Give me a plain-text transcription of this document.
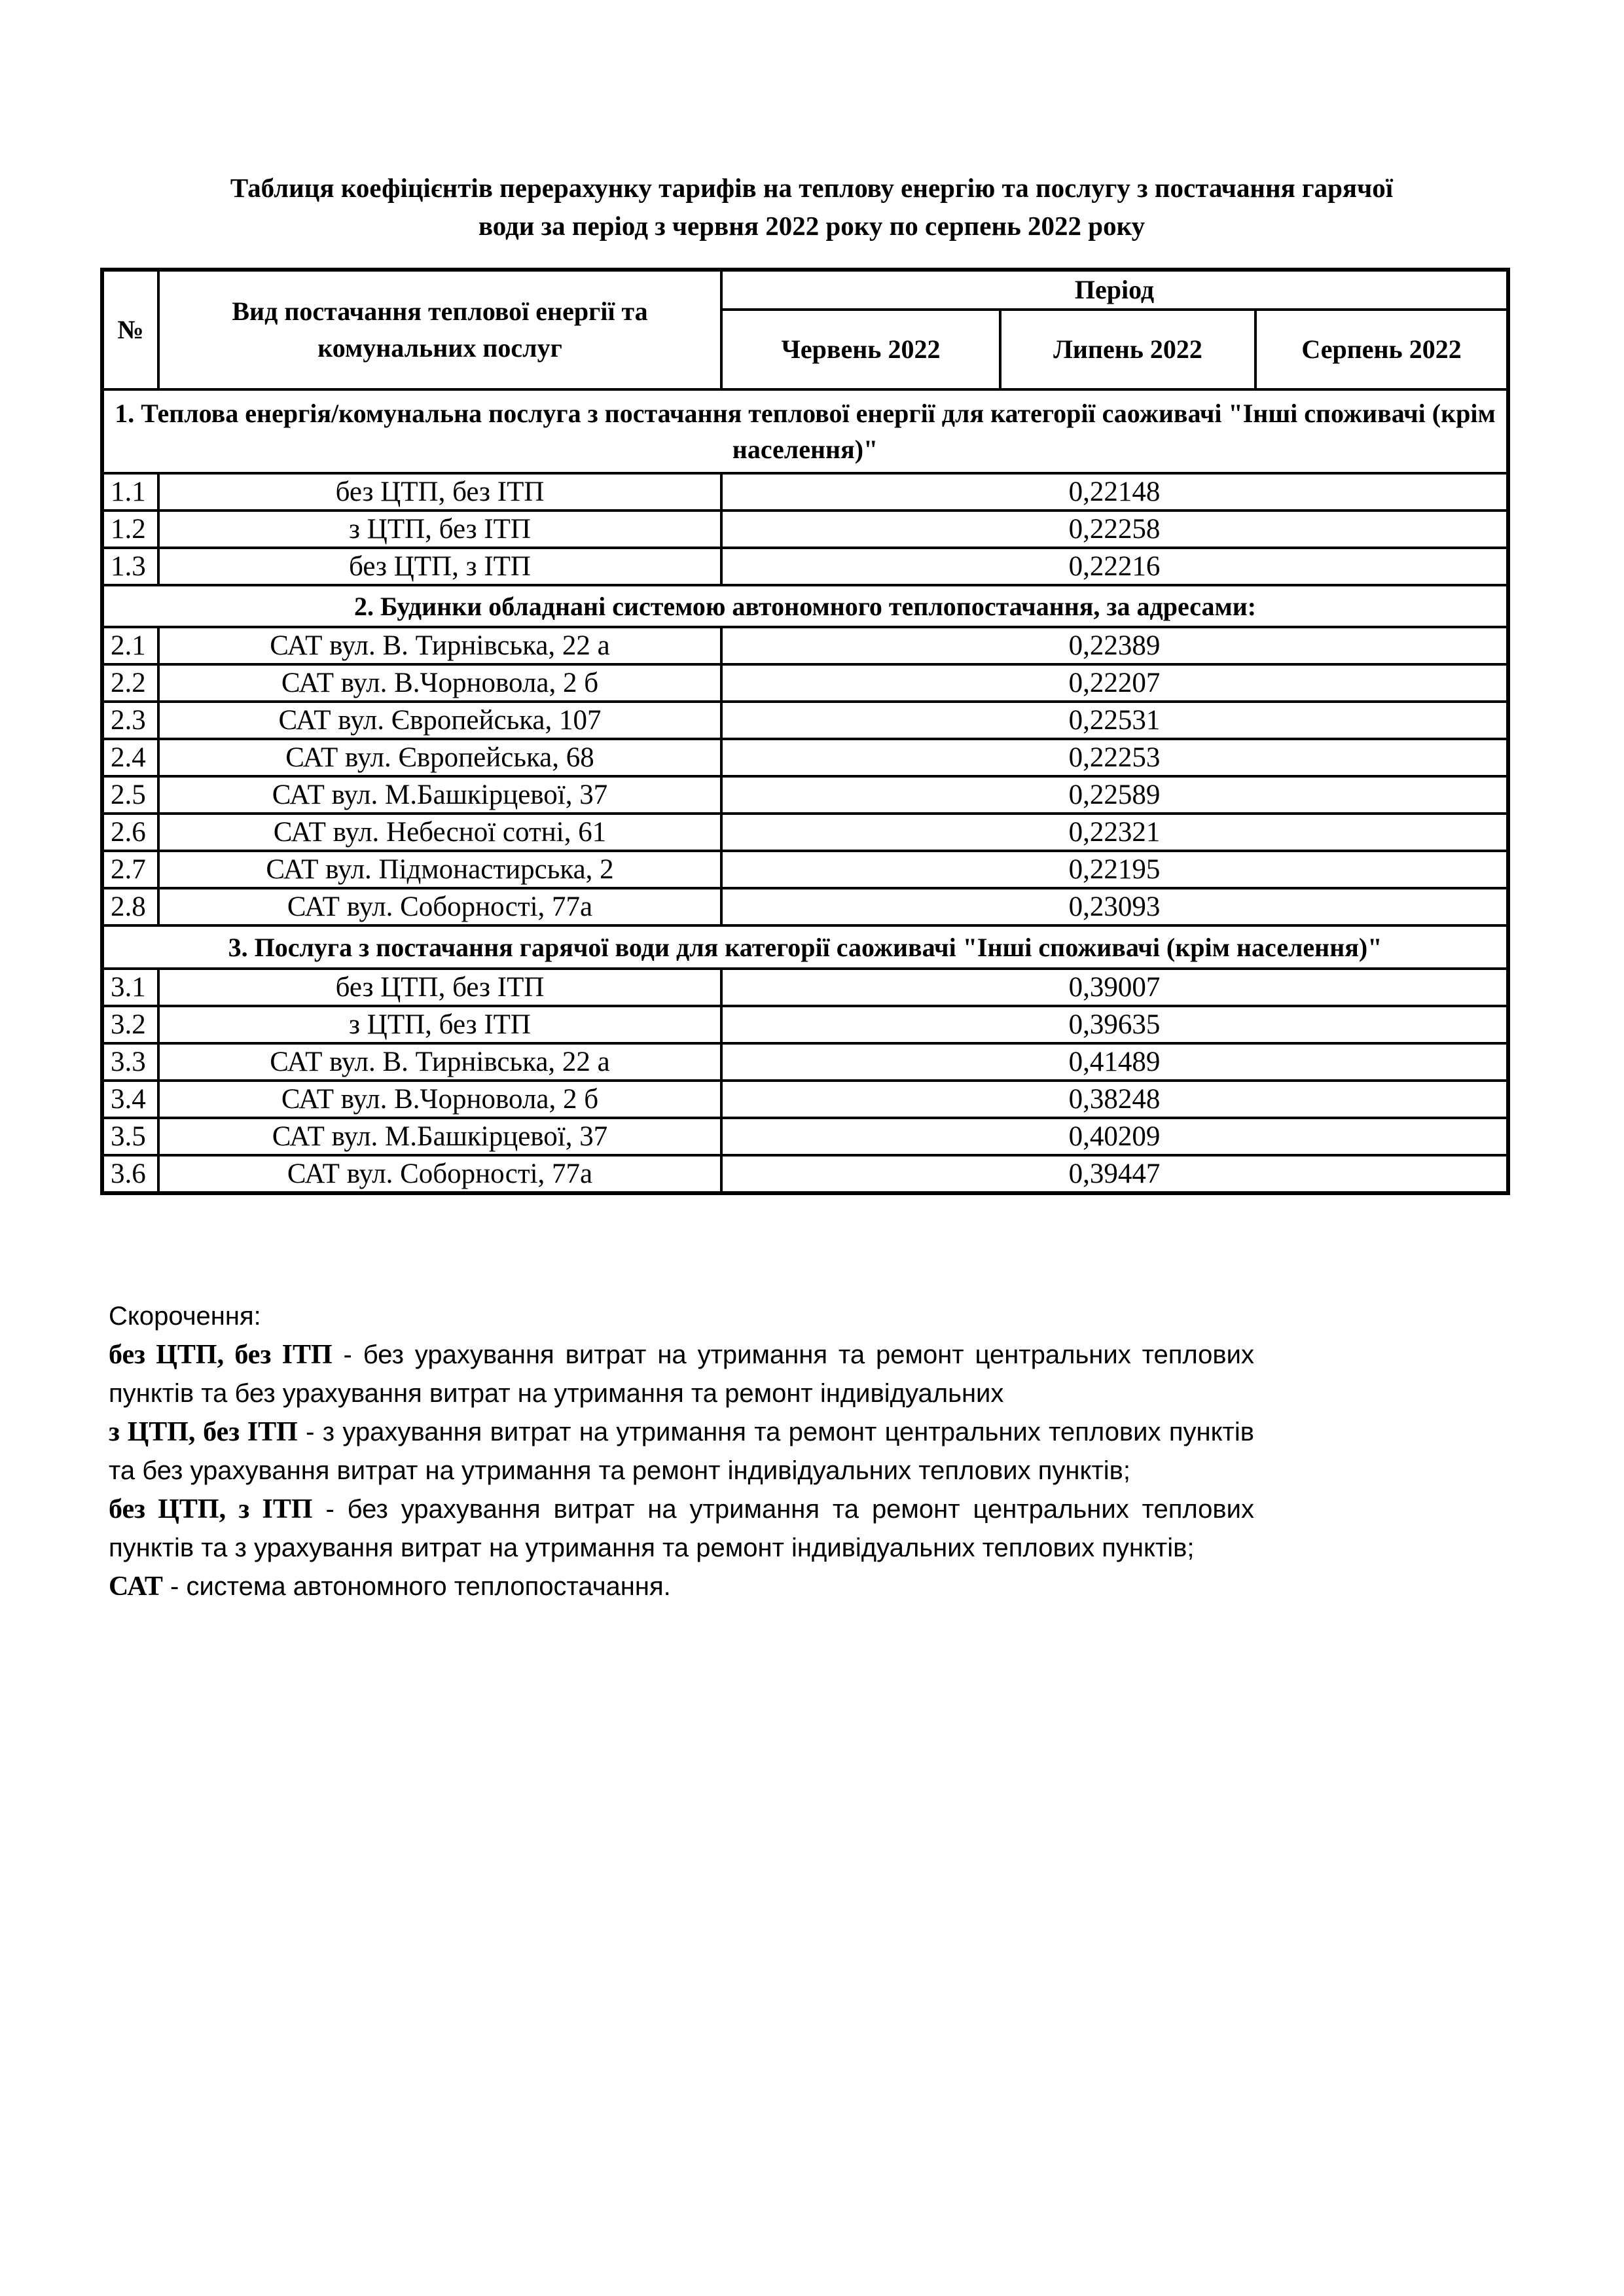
Таблиця коефіцієнтів перерахунку тарифів на теплову енергію та послугу з постачання гарячої
води за період з червня 2022 року по серпень 2022 року
№	Вид постачання теплової енергії та комунальних послуг	Період		
		Червень 2022	Липень 2022	Серпень 2022
1. Теплова енергія/комунальна послуга з постачання теплової енергії для категорії саоживачі "Інші споживачі (крім населення)"				
1.1	без ЦТП, без ІТП	0,22148		
1.2	з ЦТП, без ІТП	0,22258		
1.3	без ЦТП, з ІТП	0,22216		
2. Будинки обладнані системою автономного теплопостачання, за адресами:				
2.1	САТ вул. В. Тирнівська, 22 а	0,22389		
2.2	САТ вул. В.Чорновола, 2 б	0,22207		
2.3	САТ вул. Європейська, 107	0,22531		
2.4	САТ вул. Європейська, 68	0,22253		
2.5	САТ вул. М.Башкірцевої, 37	0,22589		
2.6	САТ вул. Небесної сотні, 61	0,22321		
2.7	САТ вул. Підмонастирська, 2	0,22195		
2.8	САТ вул. Соборності, 77а	0,23093		
3. Послуга з постачання гарячої води для категорії саоживачі "Інші споживачі (крім населення)"				
3.1	без ЦТП, без ІТП	0,39007		
3.2	з ЦТП, без ІТП	0,39635		
3.3	САТ вул. В. Тирнівська, 22 а	0,41489		
3.4	САТ вул. В.Чорновола, 2 б	0,38248		
3.5	САТ вул. М.Башкірцевої, 37	0,40209		
3.6	САТ вул. Соборності, 77а	0,39447		

Скорочення:

без ЦТП, без ІТП - без урахування витрат на утримання та ремонт центральних теплових пунктів та без урахування витрат на утримання та ремонт індивідуальних

з ЦТП, без ІТП - з урахування витрат на утримання та ремонт центральних теплових пунктів та без урахування витрат на утримання та ремонт індивідуальних теплових пунктів;

без ЦТП, з ІТП - без урахування витрат на утримання та ремонт центральних теплових пунктів та з урахування витрат на утримання та ремонт індивідуальних теплових пунктів;

САТ - система автономного теплопостачання.
